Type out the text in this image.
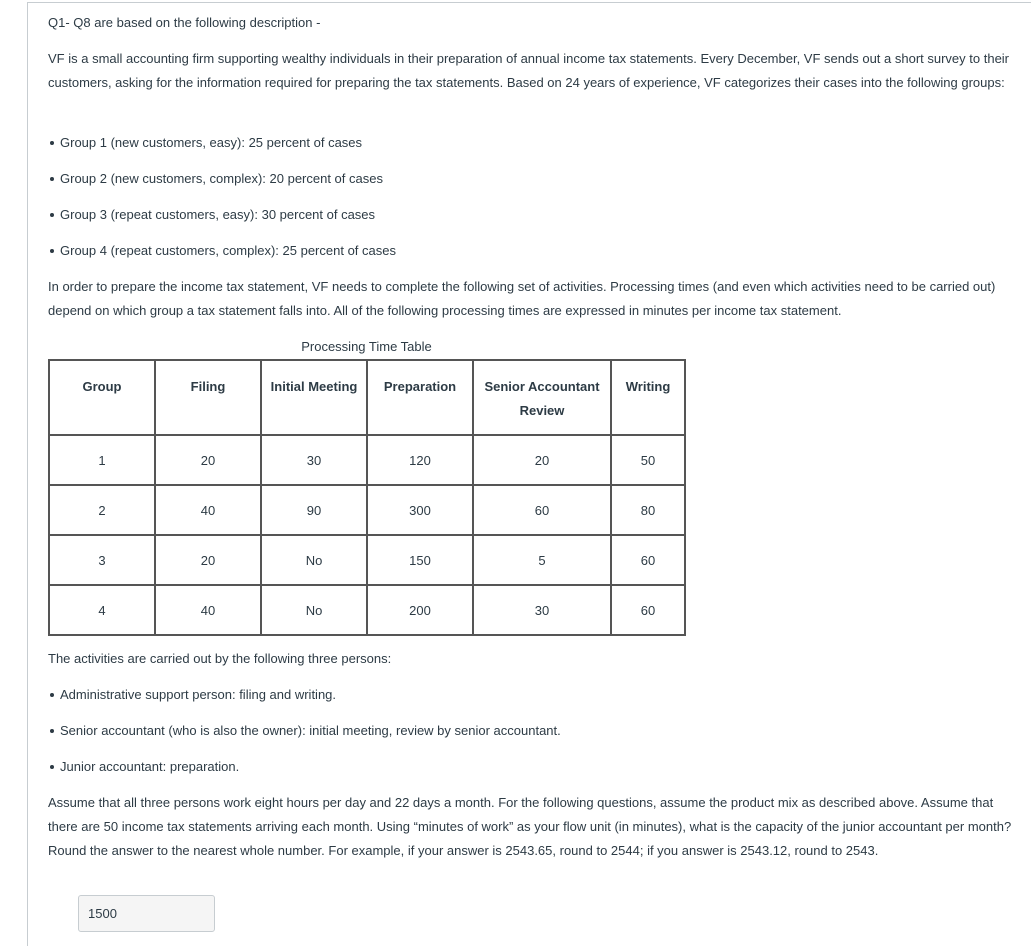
Q1- Q8 are based on the following description -
VF is a small accounting firm supporting wealthy individuals in their preparation of annual income tax statements. Every December, VF sends out a short survey to their customers, asking for the information required for preparing the tax statements. Based on 24 years of experience, VF categorizes their cases into the following groups:
Group 1 (new customers, easy): 25 percent of cases
Group 2 (new customers, complex): 20 percent of cases
Group 3 (repeat customers, easy): 30 percent of cases
Group 4 (repeat customers, complex): 25 percent of cases
In order to prepare the income tax statement, VF needs to complete the following set of activities. Processing times (and even which activities need to be carried out) depend on which group a tax statement falls into. All of the following processing times are expressed in minutes per income tax statement.
The activities are carried out by the following three persons:
Administrative support person: filing and writing.
Senior accountant (who is also the owner): initial meeting, review by senior accountant.
Junior accountant: preparation.
Assume that all three persons work eight hours per day and 22 days a month. For the following questions, assume the product mix as described above. Assume that there are 50 income tax statements arriving each month. Using “minutes of work” as your flow unit (in minutes), what is the capacity of the junior accountant per month? Round the answer to the nearest whole number. For example, if your answer is 2543.65, round to 2544; if you answer is 2543.12, round to 2543.
Processing Time Table
Group	Filing	Initial Meeting	Preparation	Senior Accountant Review	Writing
1	20	30	120	20	50
2	40	90	300	60	80
3	20	No	150	5	60
4	40	No	200	30	60
1500
